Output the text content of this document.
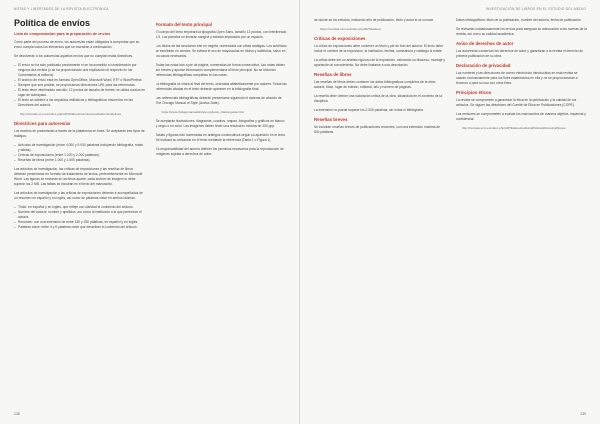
NOTAS Y LIBERTADES DE LA REVISTA ELECTRÓNICA
Política de envíos
Lista de comprobación para la preparación de envíos

Como parte del proceso de envío, los autores/as están obligados a comprobar que su envío cumpla todos los elementos que se muestran a continuación.

Se devolverán a los autores/as aquellos envíos que no cumplan estas directrices.

– El envío no ha sido publicado previamente ni se ha sometido a consideración por ninguna otra revista (o se ha proporcionado una explicación al respecto en los Comentarios al editor/a).
– El archivo de envío está en formato OpenOffice, Microsoft Word, RTF o WordPerfect.
– Siempre que sea posible, se proporcionan direcciones URL para las referencias.
– El texto tiene interlineado sencillo; 12 puntos de tamaño de fuente; se utiliza cursiva en lugar de subrayado.
– El texto se adhiere a los requisitos estilísticos y bibliográficos resumidos en las Directrices del autor/a.
http://revistas.ucm.es/index.php/ARTE/about/submissions#authorGuidelines
Directrices para autores/as

Los escritos se presentarán a través de la plataforma en línea. Se aceptarán tres tipos de trabajos:

– Artículos de investigación (entre 4.000 y 9.000 palabras incluyendo bibliografía, notas y tablas).
– Críticas de exposiciones (entre 1.200 y 2.000 palabras).
– Reseñas de libros (entre 1.000 y 1.500 palabras).

Los artículos de investigación, las críticas de exposiciones y las reseñas de libros deberán presentarse en formato de tratamiento de textos, preferentemente en Microsoft Word. Las figuras se enviarán en archivos aparte; cada archivo de imagen no debe superar los 2 MB. Las tablas se incluirán en el texto del manuscrito.

Los artículos de investigación y las críticas de exposiciones deberán ir acompañados de un resumen en español y en inglés, así como de palabras clave en ambos idiomas.

– Título: en español y en inglés, que refleje con claridad el contenido del artículo.
– Nombre del autor/a: nombre y apellidos, así como la institución a la que pertenece el autor/a.
– Resumen: con una extensión de entre 150 y 250 palabras, en español y en inglés.
– Palabras clave: entre 4 y 6 palabras clave que describan el contenido del artículo.
Formato del texto principal

El cuerpo del texto empleará la tipografía Open Sans, tamaño 12 puntos, con interlineado 1.5. Los párrafos no llevarán sangría y estarán separados por un espacio.

Los títulos de las secciones irán en negrita, numerados con cifras arábigas. Los subtítulos se escribirán en cursiva. Se evitará el uso de mayúsculas en títulos y subtítulos, salvo en los casos necesarios.

Todas las notas irán a pie de página, numeradas de forma consecutiva. Las notas deben ser breves y aportar información complementaria al texto principal. No se incluirán referencias bibliográficas completas en las notas.

La bibliografía se citará al final del texto, ordenada alfabéticamente por autores. Todas las referencias citadas en el texto deberán aparecer en la bibliografía final.

Las referencias bibliográficas deberán presentarse siguiendo el sistema de citación de The Chicago Manual of Style (Author-Date).

https://www.chicagomanualofstyle.org/tools_citationguide.html

Se aceptarán ilustraciones, diagramas, cuadros, mapas, fotografías y gráficos en blanco y negro o en color. Las imágenes deben tener una resolución mínima de 300 ppp.

Tablas y figuras irán numeradas en arábigos consecutivos según su aparición en el texto. Se indicará su ubicación en el texto mediante la referencia (Tabla 1 o Figura 1).

Es responsabilidad del autor/a obtener los permisos necesarios para la reproducción de imágenes sujetas a derechos de autor.

238
INVESTIGACIÓN DE LIBROS EN EL ESTUDIO DEL MEDIO

de donde se ha extraído, indicando año de publicación, título y autor si se conoce.

https://revistas.ucm.es/index.php/ARTE/about
Críticas de exposiciones

La crítica de exposiciones debe contener un título y pie de foto del autor/a. El texto debe incluir el nombre de la exposición, la institución, fechas, comisario/a y catálogo si existe.

La crítica debe ser un análisis riguroso de la exposición, valorando su discurso, montaje y aportación al conocimiento. No debe limitarse a una descripción.

Reseñas de libros

Las reseñas de libros deben contener los datos bibliográficos completos de la obra: autor/a, título, lugar de edición, editorial, año y número de páginas.

La reseña debe ofrecer una valoración crítica de la obra, situándola en el contexto de la disciplina.

La extensión no puede superar los 2.000 palabras, sin notas ni bibliografía.

Reseñas breves

Se incluirán reseñas breves de publicaciones recientes, con una extensión máxima de 500 palabras.

Datos bibliográficos: título de la publicación, nombre del autor/a, fecha de publicación.

Se revisarán cuidadosamente los envíos para asegurar su adecuación a las normas de la revista, así como su calidad académica.

Aviso de derechos de autor

Los autores/as conservan los derechos de autor y garantizan a la revista el derecho de primera publicación de su obra.

Declaración de privacidad

Los nombres y las direcciones de correo electrónico introducidos en esta revista se usarán exclusivamente para los fines establecidos en ella y no se proporcionarán a terceros o para su uso con otros fines.

Principios éticos

La revista se compromete a garantizar la ética en la publicación y la calidad de los artículos. Se siguen las directrices del Comité de Ética en Publicaciones (COPE).

Los revisores se comprometen a evaluar los manuscritos de manera objetiva, imparcial y confidencial.

http://revistas.ucm.es/index.php/ARTE/about/editorialPolicies#focusAndScope
239
